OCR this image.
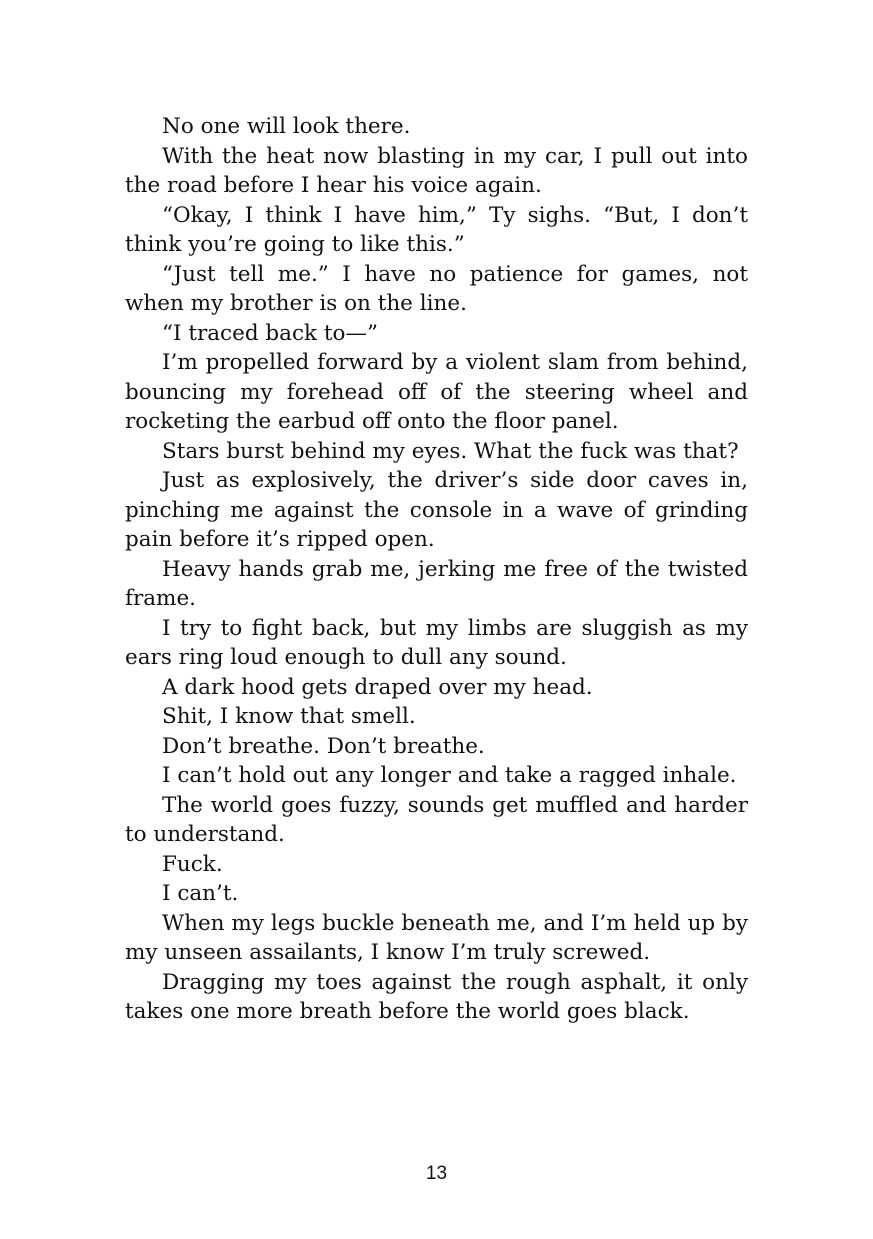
No one will look there.

With the heat now blasting in my car, I pull out into the road before I hear his voice again.

“Okay, I think I have him,” Ty sighs. “But, I don’t think you’re going to like this.”

“Just tell me.” I have no patience for games, not when my brother is on the line.

“I traced back to—”

I’m propelled forward by a violent slam from behind, bouncing my forehead off of the steering wheel and rocketing the earbud off onto the floor panel.

Stars burst behind my eyes. What the fuck was that?

Just as explosively, the driver’s side door caves in, pinching me against the console in a wave of grinding pain before it’s ripped open.

Heavy hands grab me, jerking me free of the twisted frame.

I try to fight back, but my limbs are sluggish as my ears ring loud enough to dull any sound.

A dark hood gets draped over my head.

Shit, I know that smell.

Don’t breathe. Don’t breathe.

I can’t hold out any longer and take a ragged inhale.

The world goes fuzzy, sounds get muffled and harder to understand.

Fuck.

I can’t.

When my legs buckle beneath me, and I’m held up by my unseen assailants, I know I’m truly screwed.

Dragging my toes against the rough asphalt, it only takes one more breath before the world goes black.

13
